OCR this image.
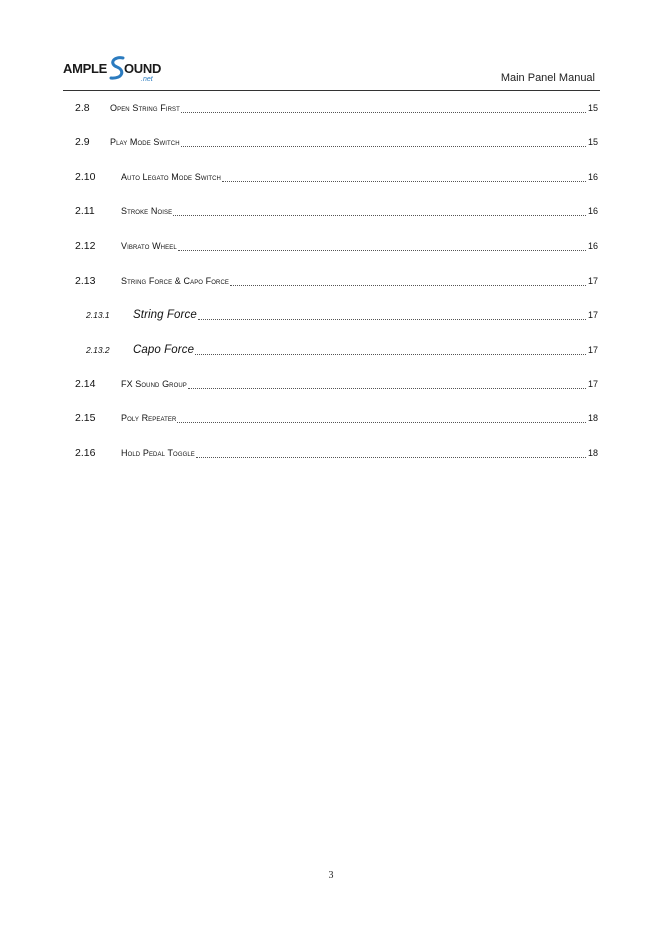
AMPLE OUND
.net	Main Panel Manual
2.8	Open String First	15
2.9	Play Mode Switch	15
2.10	Auto Legato Mode Switch	16
2.11	Stroke Noise	16
2.12	Vibrato Wheel	16
2.13	String Force & Capo Force	17
2.13.1	String Force	17
2.13.2	Capo Force	17
2.14	FX Sound Group	17
2.15	Poly Repeater	18
2.16	Hold Pedal Toggle	18
3
